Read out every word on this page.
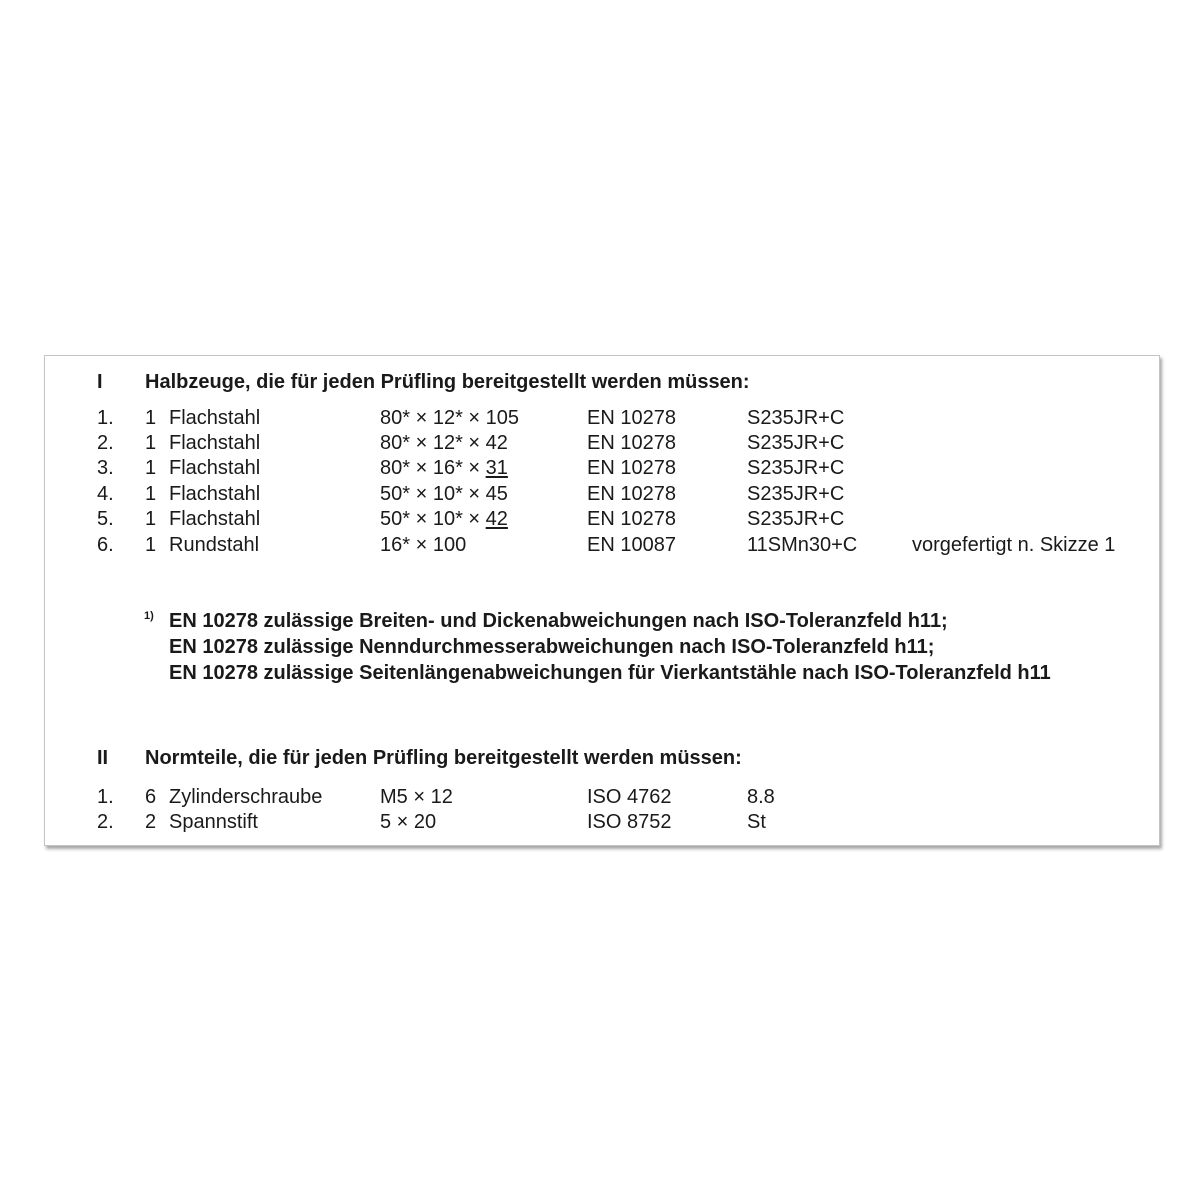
I Halbzeuge, die für jeden Prüfling bereitgestellt werden müssen:
1. 1 Flachstahl	80* × 12* × 105	EN 10278	S235JR+C
2. 1 Flachstahl	80* × 12* × 42	EN 10278	S235JR+C
3. 1 Flachstahl	80* × 16* × 31	EN 10278	S235JR+C
4. 1 Flachstahl	50* × 10* × 45	EN 10278	S235JR+C
5. 1 Flachstahl	50* × 10* × 42	EN 10278	S235JR+C
6. 1 Rundstahl	16* × 100	EN 10087	11SMn30+C	vorgefertigt n. Skizze 1
1) EN 10278 zulässige Breiten- und Dickenabweichungen nach ISO-Toleranzfeld h11;
EN 10278 zulässige Nenndurchmesserabweichungen nach ISO-Toleranzfeld h11;
EN 10278 zulässige Seitenlängenabweichungen für Vierkantstähle nach ISO-Toleranzfeld h11
II Normteile, die für jeden Prüfling bereitgestellt werden müssen:
1. 6 Zylinderschraube	M5 × 12	ISO 4762	8.8
2. 2 Spannstift	5 × 20	ISO 8752	St
